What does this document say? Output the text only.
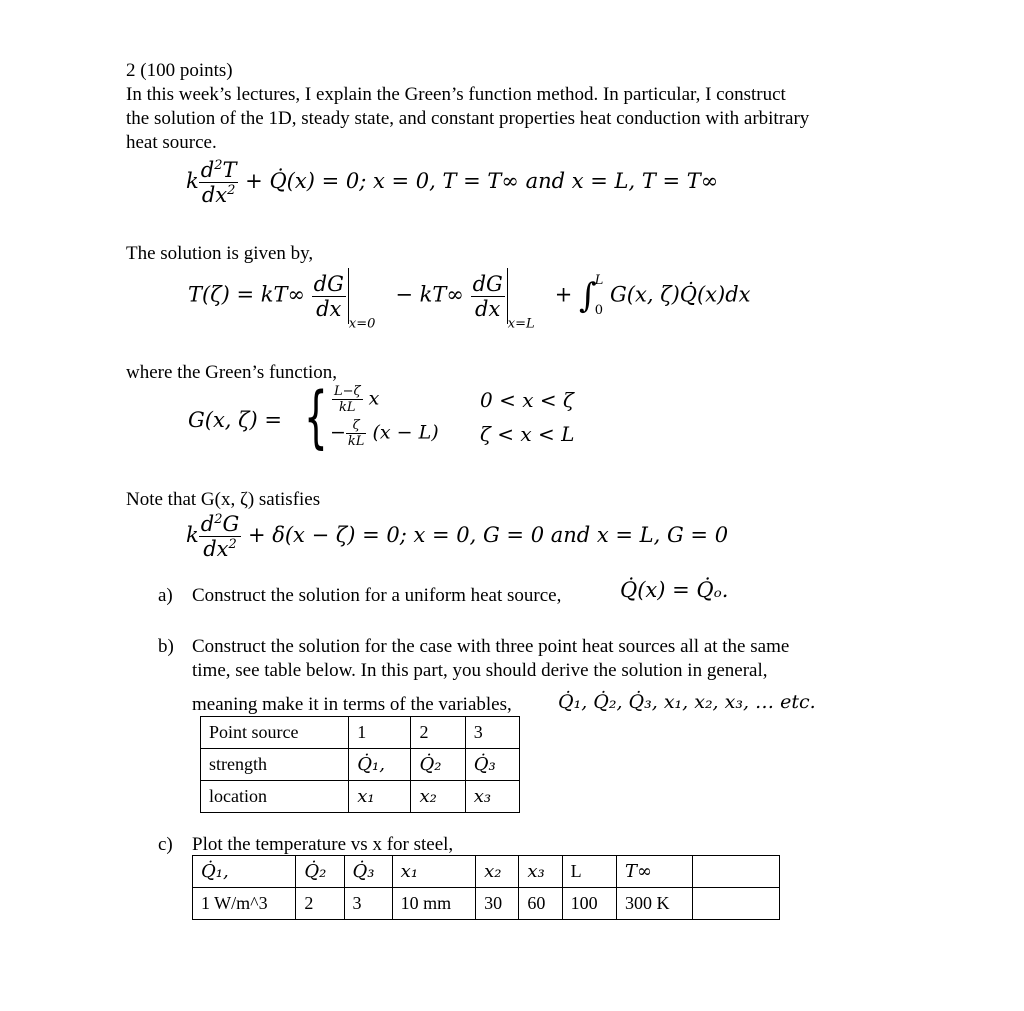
2 (100 points)
In this week’s lectures, I explain the Green’s function method. In particular, I construct
the solution of the 1D, steady state, and constant properties heat conduction with arbitrary
heat source.
k $\frac{d^2T}{dx^2}$ + Q̇(x) = 0; x = 0, T = T∞ and x = L, T = T∞
The solution is given by,
$T(\zeta) = kT\infty \frac{dG}{dx}$
$_{x=0} - kT\infty \frac{dG}{dx}$
$_{x=L}$   + ∫
L
0
G(x, ζ)Q̇(x)dx
where the Green’s function,
G(x, ζ) = { $\frac{L-\zeta}{kL}$ x	0 < x < ζ
− $\frac{\zeta}{kL} (x - L) \zeta < x < L$
Note that G(x, ζ) satisfies
k $\frac{d^2G}{dx^2} + \delta(x - \zeta) = 0$; x = 0, G = 0 and x = L, G = 0
a) Construct the solution for a uniform heat source,	Q̇(x) = Q̇ₒ.
b) Construct the solution for the case with three point heat sources all at the same
time, see table below. In this part, you should derive the solution in general,
meaning make it in terms of the variables, Q̇₁, Q̇₂, Q̇₃, x₁, x₂, x₃, … etc.
Point source	1	2	3
strength	Q̇₁,	Q̇₂	Q̇₃
location	x₁	x₂	x₃
c) Plot the temperature vs x for steel,
Q̇₁,	Q̇₂	Q̇₃	x₁	x₂	x₃	L	T∞	
1 W/m^3	2	3	10 mm	30	60	100	300 K	
